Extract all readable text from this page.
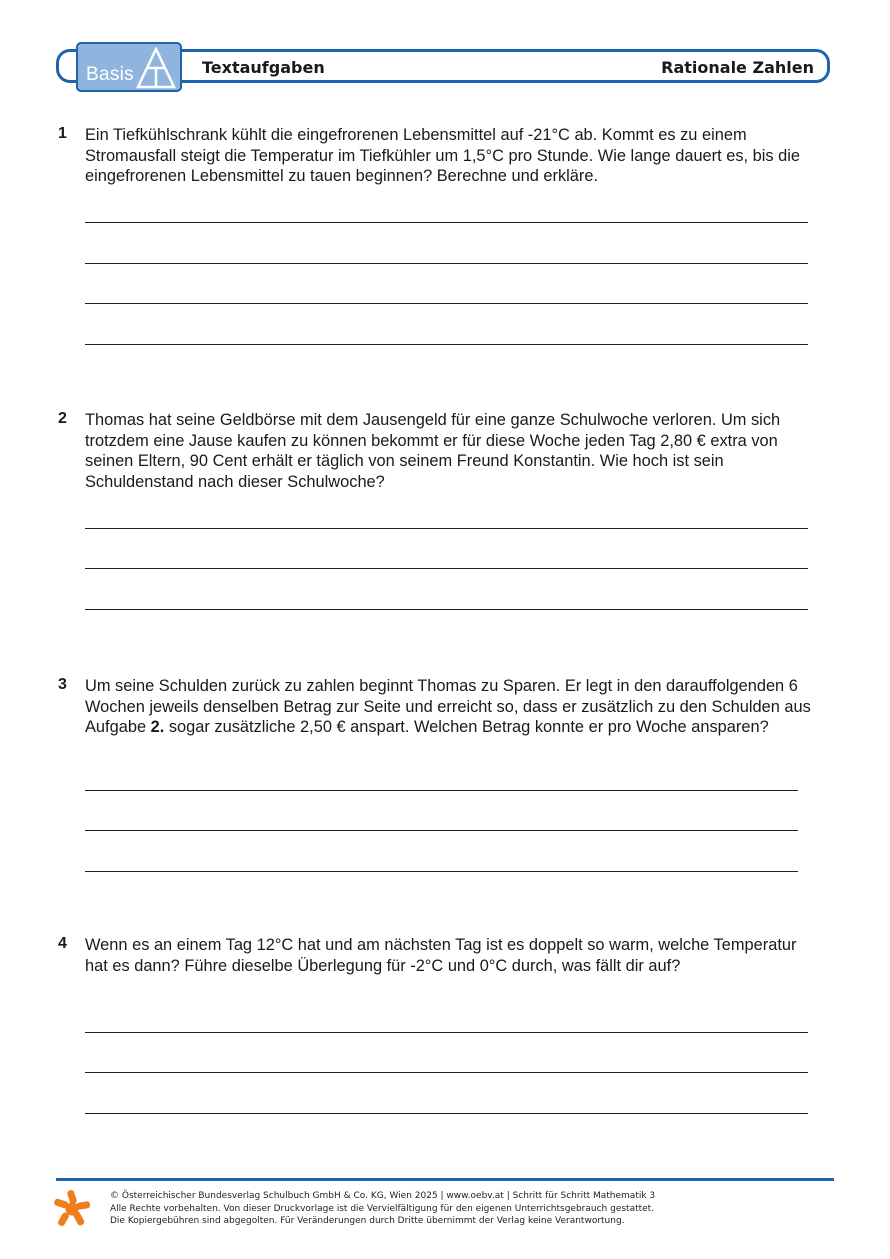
Basis	Textaufgaben	Rationale Zahlen
1 Ein Tiefkühlschrank kühlt die eingefrorenen Lebensmittel auf -21°C ab. Kommt es zu einem Stromausfall steigt die Temperatur im Tiefkühler um 1,5°C pro Stunde. Wie lange dauert es, bis die eingefrorenen Lebensmittel zu tauen beginnen? Berechne und erkläre.
2 Thomas hat seine Geldbörse mit dem Jausengeld für eine ganze Schulwoche verloren. Um sich trotzdem eine Jause kaufen zu können bekommt er für diese Woche jeden Tag 2,80 € extra von seinen Eltern, 90 Cent erhält er täglich von seinem Freund Konstantin. Wie hoch ist sein Schuldenstand nach dieser Schulwoche?
3 Um seine Schulden zurück zu zahlen beginnt Thomas zu Sparen. Er legt in den darauffolgenden 6 Wochen jeweils denselben Betrag zur Seite und erreicht so, dass er zusätzlich zu den Schulden aus Aufgabe 2. sogar zusätzliche 2,50 € anspart. Welchen Betrag konnte er pro Woche ansparen?
4 Wenn es an einem Tag 12°C hat und am nächsten Tag ist es doppelt so warm, welche Temperatur hat es dann? Führe dieselbe Überlegung für -2°C und 0°C durch, was fällt dir auf?
© Österreichischer Bundesverlag Schulbuch GmbH & Co. KG, Wien 2025 | www.oebv.at | Schritt für Schritt Mathematik 3
Alle Rechte vorbehalten. Von dieser Druckvorlage ist die Vervielfältigung für den eigenen Unterrichtsgebrauch gestattet.
Die Kopiergebühren sind abgegolten. Für Veränderungen durch Dritte übernimmt der Verlag keine Verantwortung.
